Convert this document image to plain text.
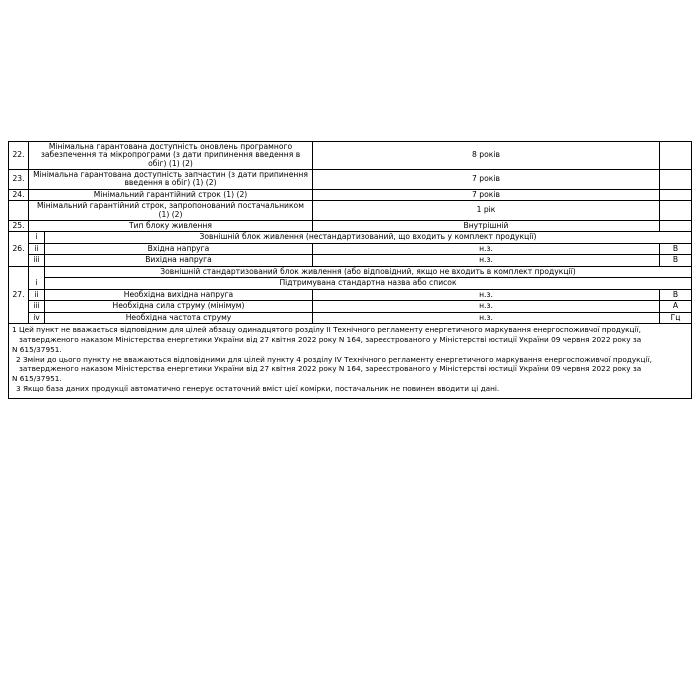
22.	Мінімальна гарантована доступність оновлень програмного забезпечення та мікропрограми (з дати припинення введення в обіг) (1) (2)		8 років	
23.	Мінімальна гарантована доступність запчастин (з дати припинення введення в обіг) (1) (2)		7 років	
24.	Мінімальний гарантійний строк (1) (2)		7 років	
	Мінімальний гарантійний строк, запропонований постачальником (1) (2)		1 рік	
25.	Тип блоку живлення		Внутрішній	
26.	i	Зовнішній блок живлення (нестандартизований, що входить у комплект продукції)		
	ii	Вхідна напруга	н.з.	В
	iii	Вихідна напруга	н.з.	В
27.		Зовнішній стандартизований блок живлення (або відповідний, якщо не входить в комплект продукції)		
	i	Підтримувана стандартна назва або список		
	ii	Необхідна вихідна напруга	н.з.	В
	iii	Необхідна сила струму (мінімум)	н.з.	А
	iv	Необхідна частота струму	н.з.	Гц

1 Цей пункт не вважається відповідним для цілей абзацу одинадцятого розділу II Технічного регламенту енергетичного маркування енергоспоживчої продукції,

затвердженого наказом Міністерства енергетики України від 27 квітня 2022 року N 164, зареєстрованого у Міністерстві юстиції України 09 червня 2022 року за

N 615/37951.

2 Зміни до цього пункту не вважаються відповідними для цілей пункту 4 розділу IV Технічного регламенту енергетичного маркування енергоспоживчої продукції,

затвердженого наказом Міністерства енергетики України від 27 квітня 2022 року N 164, зареєстрованого у Міністерстві юстиції України 09 червня 2022 року за

N 615/37951.

3 Якщо база даних продукції автоматично генерує остаточний вміст цієї комірки, постачальник не повинен вводити ці дані.
